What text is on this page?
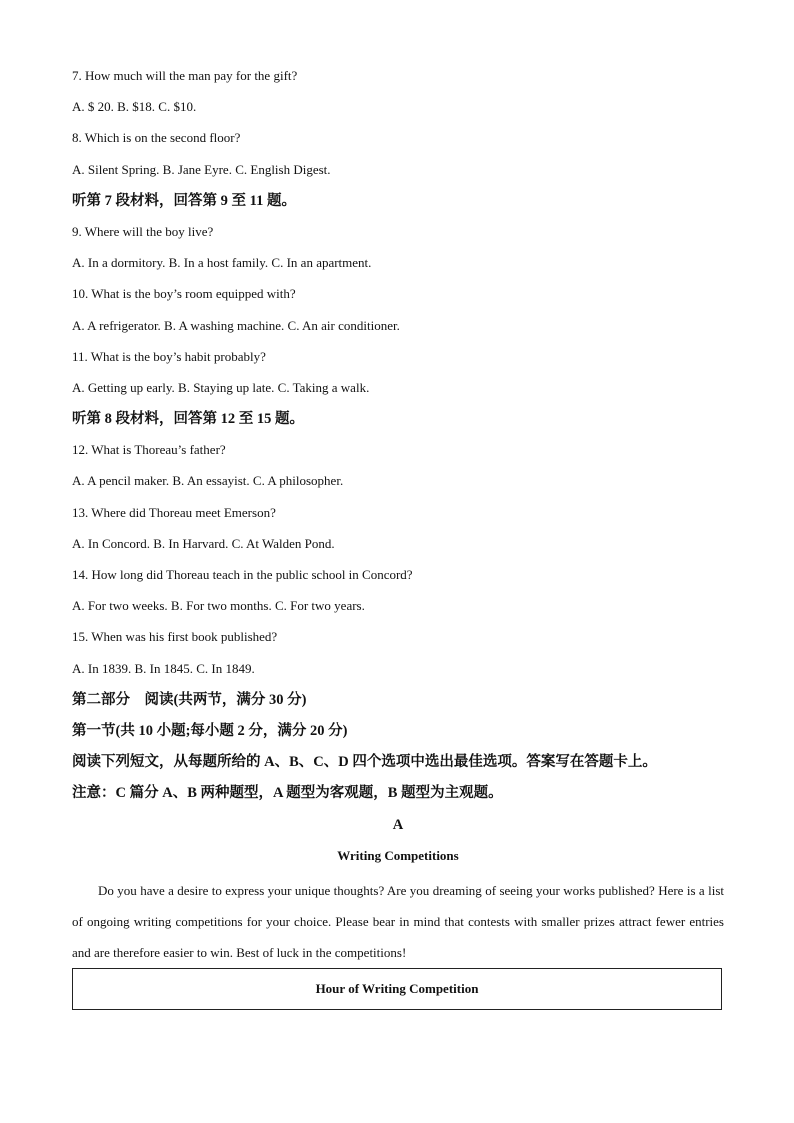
7. How much will the man pay for the gift?
A. $ 20. B. $18. C. $10.
8. Which is on the second floor?
A. Silent Spring. B. Jane Eyre. C. English Digest.
听第 7 段材料，回答第 9 至 11 题。
9. Where will the boy live?
A. In a dormitory. B. In a host family. C. In an apartment.
10. What is the boy’s room equipped with?
A. A refrigerator. B. A washing machine. C. An air conditioner.
11. What is the boy’s habit probably?
A. Getting up early. B. Staying up late. C. Taking a walk.
听第 8 段材料，回答第 12 至 15 题。
12. What is Thoreau’s father?
A. A pencil maker. B. An essayist. C. A philosopher.
13. Where did Thoreau meet Emerson?
A. In Concord. B. In Harvard. C. At Walden Pond.
14. How long did Thoreau teach in the public school in Concord?
A. For two weeks. B. For two months. C. For two years.
15. When was his first book published?
A. In 1839. B. In 1845. C. In 1849.
第二部分　阅读(共两节，满分 30 分)
第一节(共 10 小题;每小题 2 分，满分 20 分)
阅读下列短文，从每题所给的 A、B、C、D 四个选项中选出最佳选项。答案写在答题卡上。
注意：C 篇分 A、B 两种题型，A 题型为客观题，B 题型为主观题。
A
Writing Competitions
Do you have a desire to express your unique thoughts? Are you dreaming of seeing your works published? Here is a list of ongoing writing competitions for your choice. Please bear in mind that contests with smaller prizes attract fewer entries and are therefore easier to win. Best of luck in the competitions!
Hour of Writing Competition
